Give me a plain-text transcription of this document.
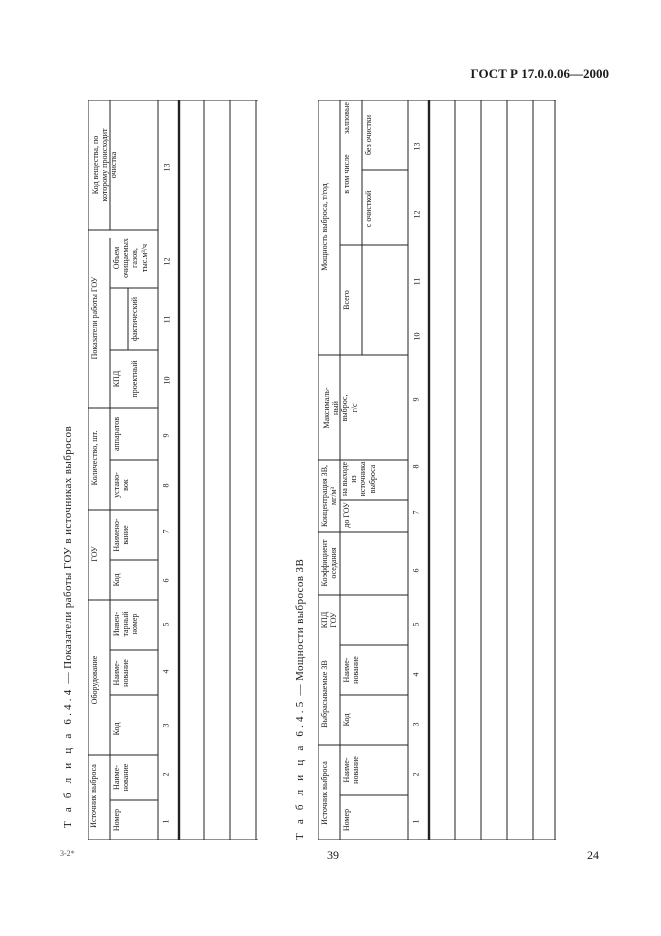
ГОСТ Р 17.0.0.06—2000
3-2*	39	24
Т а б л и ц а 6.4.4 — Показатели работы ГОУ в источниках выбросов
Т а б л и ц а 6.4.5 — Мощности выбросов ЗВ
Источник выброса Номер
Наиме-
нование
Оборудование
Код
Наиме-
нование
Инвен-
тарный
номер
ГОУ
Код
Наимено-
вание
Количество, шт. устано-
вок
аппаратов
Показатели работы ГОУ
КПД проектный
фактический
Объем
очищаемых
газов,
тыс.м³/ч
Код вещества, по
которому происходит
очистка
1
2
3
4
5
6
7
8
9
10
11
12
13
Источник выброса Номер
Наиме-
нование
Выбрасываемые ЗВ Код
Наиме-
нование
КПД
ГОУ
Коэффициент
оседания
Концентрация ЗВ,
мг/м³
до ГОУ
на выходе
из
источника
выброса
Максималь-
ный
выброс,
г/с
Мощность выброса, т/год
Всего
в том числе
с очисткой
без очистки
залповые
1
2
3
4
5
6
7
8
9
10
11
12
13
